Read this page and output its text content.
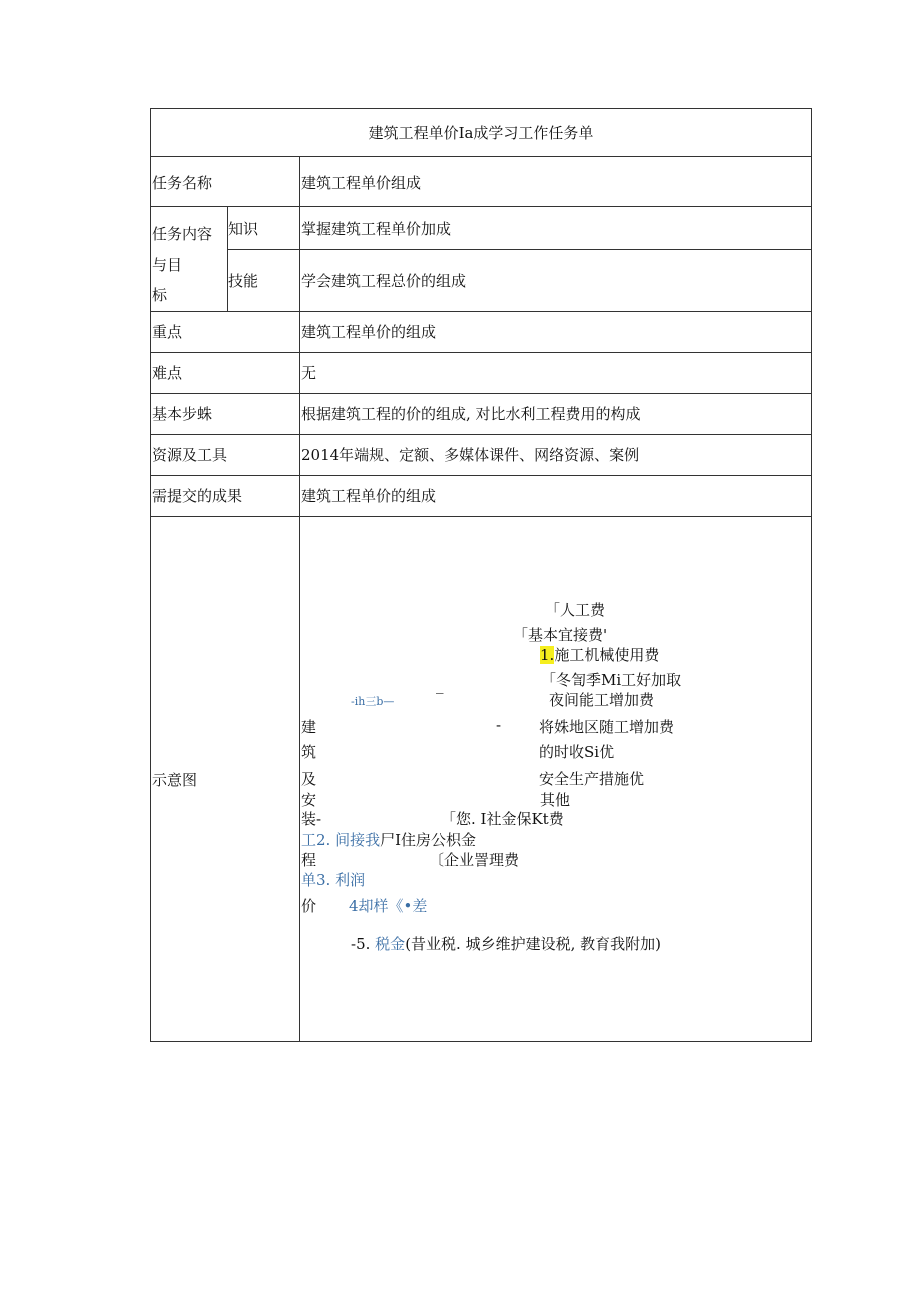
建筑工程单价Ia成学习工作任务单
任务名称	建筑工程单价组成
任务内容
与目
标
知识	掌握建筑工程单价加成
技能	学会建筑工程总价的组成
重点	建筑工程单价的组成
难点	无
基本步蛛	根据建筑工程的价的组成, 对比水利工程费用的构成
资源及工具	2014年端规、定额、多媒体课件、网络资源、案例
需提交的成果	建筑工程单价的组成
示意图
「人工费
「基本宜接费'
1.施工机械使用费
_	「冬訇季Mi工好加取
-ih三b—	夜间能工增加费
建	-	将姝地区随工增加费
筑	的时收Si优
及	安全生产措施优
安	其他
装-	「您. I社金保Kt费
工2. 间接我尸I住房公枳金
程	〔企业詈理费
单3. 利润
价 4却样《•差
-5. 税金(昔业税. 城乡维护建设税, 教育我附加)
